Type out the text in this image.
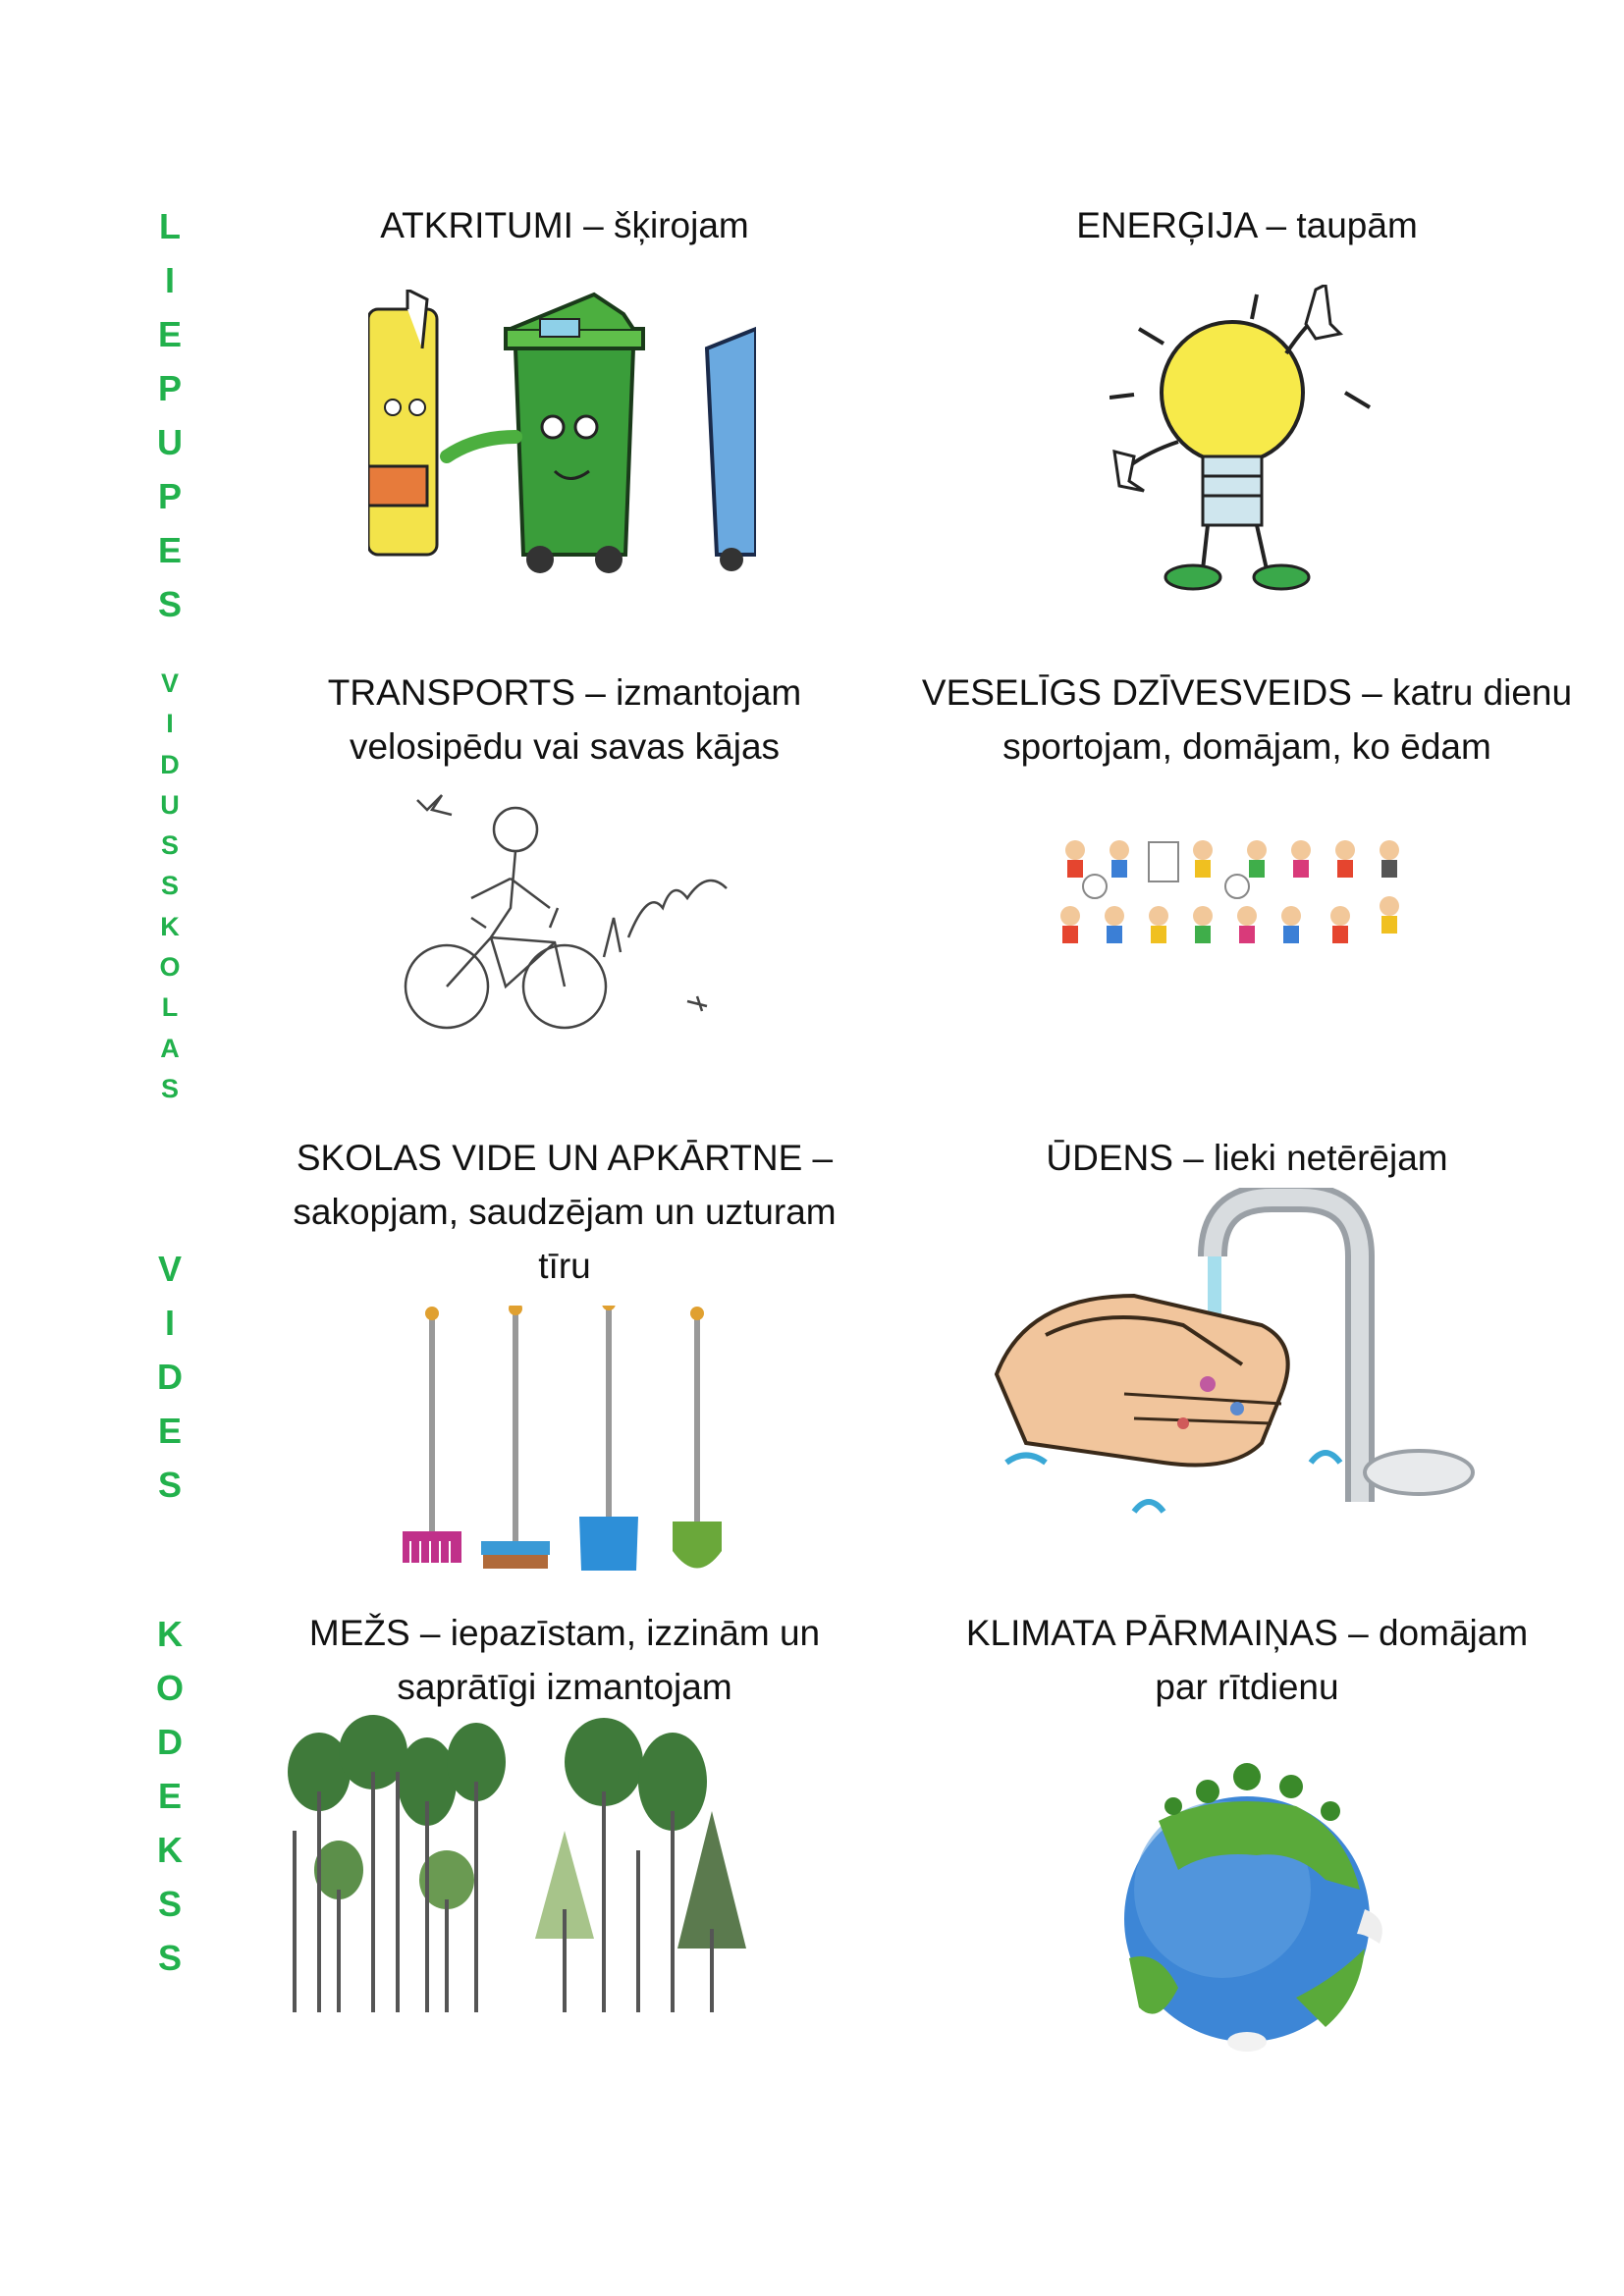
L
I
E
P
U
P
E
S
V
I
D
U
S
S
K
O
L
A
S
V
I
D
E
S
K
O
D
E
K
S
S
ATKRITUMI – šķirojam	ENERĢIJA – taupām
TRANSPORTS – izmantojam
velosipēdu vai savas kājas
VESELĪGS DZĪVESVEIDS – katru dienu
sportojam, domājam, ko ēdam
SKOLAS VIDE UN APKĀRTNE –
sakopjam, saudzējam un uzturam
tīru
ŪDENS – lieki netērējam
MEŽS – iepazīstam, izzinām un
saprātīgi izmantojam
KLIMATA PĀRMAIŅAS – domājam
par rītdienu
